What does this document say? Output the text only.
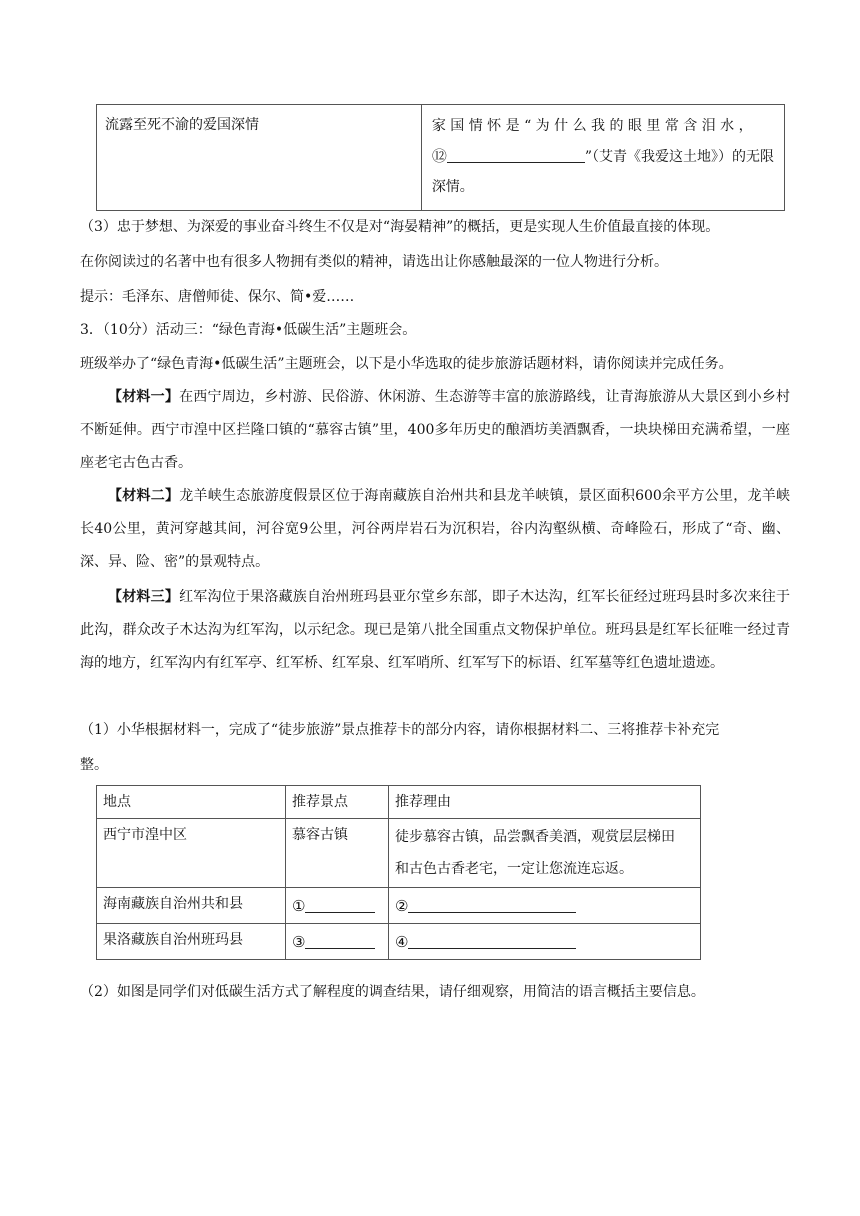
流露至死不渝的爱国深情	家 国 情 怀 是 “ 为 什 么 我 的 眼 里 常 含 泪 水 ，
⑫	”（艾青《我爱这土地》）的无限
深情。
（3）忠于梦想、为深爱的事业奋斗终生不仅是对“海晏精神”的概括，更是实现人生价值最直接的体现。
在你阅读过的名著中也有很多人物拥有类似的精神，请选出让你感触最深的一位人物进行分析。
提示：毛泽东、唐僧师徒、保尔、简•爱……
3．（10分）活动三：“绿色青海•低碳生活”主题班会。
班级举办了“绿色青海•低碳生活”主题班会，以下是小华选取的徒步旅游话题材料，请你阅读并完成任务。
【材料一】在西宁周边，乡村游、民俗游、休闲游、生态游等丰富的旅游路线，让青海旅游从大景区到小乡村不断延伸。西宁市湟中区拦隆口镇的“慕容古镇”里，400多年历史的酿酒坊美酒飘香，一块块梯田充满希望，一座座老宅古色古香。
【材料二】龙羊峡生态旅游度假景区位于海南藏族自治州共和县龙羊峡镇，景区面积600余平方公里，龙羊峡长40公里，黄河穿越其间，河谷宽9公里，河谷两岸岩石为沉积岩，谷内沟壑纵横、奇峰险石，形成了“奇、幽、深、异、险、密”的景观特点。
【材料三】红军沟位于果洛藏族自治州班玛县亚尔堂乡东部，即子木达沟，红军长征经过班玛县时多次来往于此沟，群众改子木达沟为红军沟，以示纪念。现已是第八批全国重点文物保护单位。班玛县是红军长征唯一经过青海的地方，红军沟内有红军亭、红军桥、红军泉、红军哨所、红军写下的标语、红军墓等红色遗址遗迹。
（1）小华根据材料一，完成了“徒步旅游”景点推荐卡的部分内容，请你根据材料二、三将推荐卡补充完
整。
地点	推荐景点	推荐理由
西宁市湟中区	慕容古镇	徒步慕容古镇，品尝飘香美酒，观赏层层梯田
和古色古香老宅，一定让您流连忘返。

海南藏族自治州共和县	①	②
果洛藏族自治州班玛县	③	④
（2）如图是同学们对低碳生活方式了解程度的调查结果，请仔细观察，用简洁的语言概括主要信息。
